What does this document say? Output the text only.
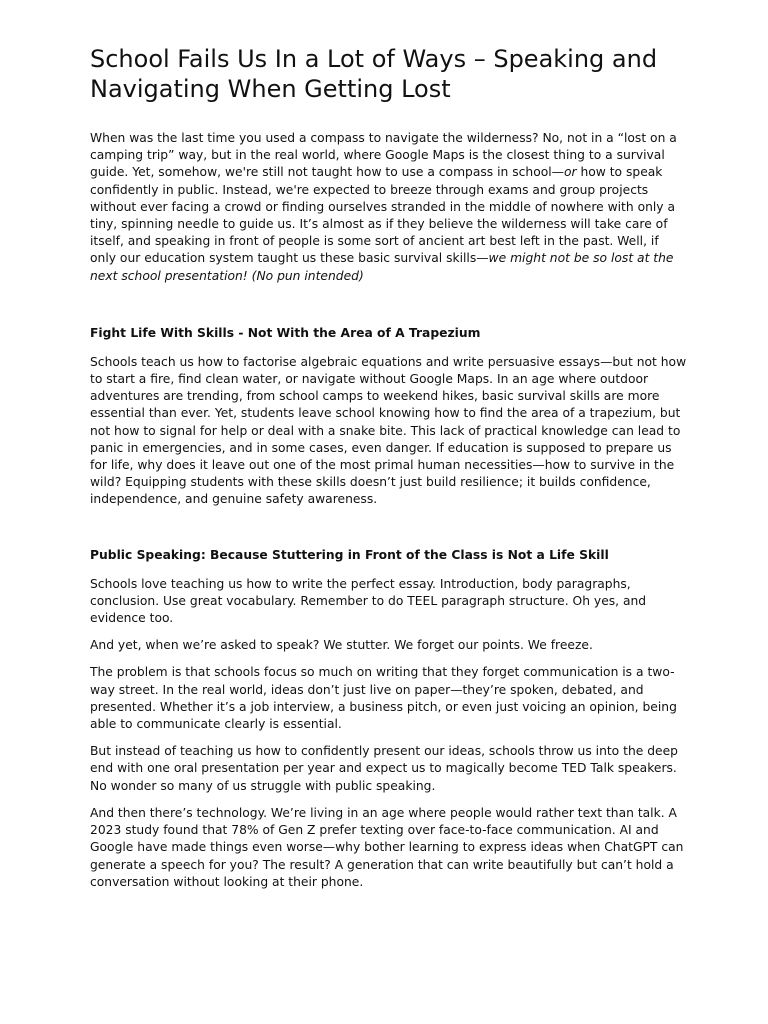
School Fails Us In a Lot of Ways – Speaking and Navigating When Getting Lost

When was the last time you used a compass to navigate the wilderness? No, not in a “lost on a camping trip” way, but in the real world, where Google Maps is the closest thing to a survival guide. Yet, somehow, we're still not taught how to use a compass in school—or how to speak confidently in public. Instead, we're expected to breeze through exams and group projects without ever facing a crowd or finding ourselves stranded in the middle of nowhere with only a tiny, spinning needle to guide us. It’s almost as if they believe the wilderness will take care of itself, and speaking in front of people is some sort of ancient art best left in the past. Well, if only our education system taught us these basic survival skills—we might not be so lost at the next school presentation! (No pun intended)

Fight Life With Skills - Not With the Area of A Trapezium

Schools teach us how to factorise algebraic equations and write persuasive essays—but not how to start a fire, find clean water, or navigate without Google Maps. In an age where outdoor adventures are trending, from school camps to weekend hikes, basic survival skills are more essential than ever. Yet, students leave school knowing how to find the area of a trapezium, but not how to signal for help or deal with a snake bite. This lack of practical knowledge can lead to panic in emergencies, and in some cases, even danger. If education is supposed to prepare us for life, why does it leave out one of the most primal human necessities—how to survive in the wild? Equipping students with these skills doesn’t just build resilience; it builds confidence, independence, and genuine safety awareness.

Public Speaking: Because Stuttering in Front of the Class is Not a Life Skill

Schools love teaching us how to write the perfect essay. Introduction, body paragraphs, conclusion. Use great vocabulary. Remember to do TEEL paragraph structure. Oh yes, and evidence too.

And yet, when we’re asked to speak? We stutter. We forget our points. We freeze.

The problem is that schools focus so much on writing that they forget communication is a two-way street. In the real world, ideas don’t just live on paper—they’re spoken, debated, and presented. Whether it’s a job interview, a business pitch, or even just voicing an opinion, being able to communicate clearly is essential.

But instead of teaching us how to confidently present our ideas, schools throw us into the deep end with one oral presentation per year and expect us to magically become TED Talk speakers. No wonder so many of us struggle with public speaking.

And then there’s technology. We’re living in an age where people would rather text than talk. A 2023 study found that 78% of Gen Z prefer texting over face-to-face communication. AI and Google have made things even worse—why bother learning to express ideas when ChatGPT can generate a speech for you? The result? A generation that can write beautifully but can’t hold a conversation without looking at their phone.
